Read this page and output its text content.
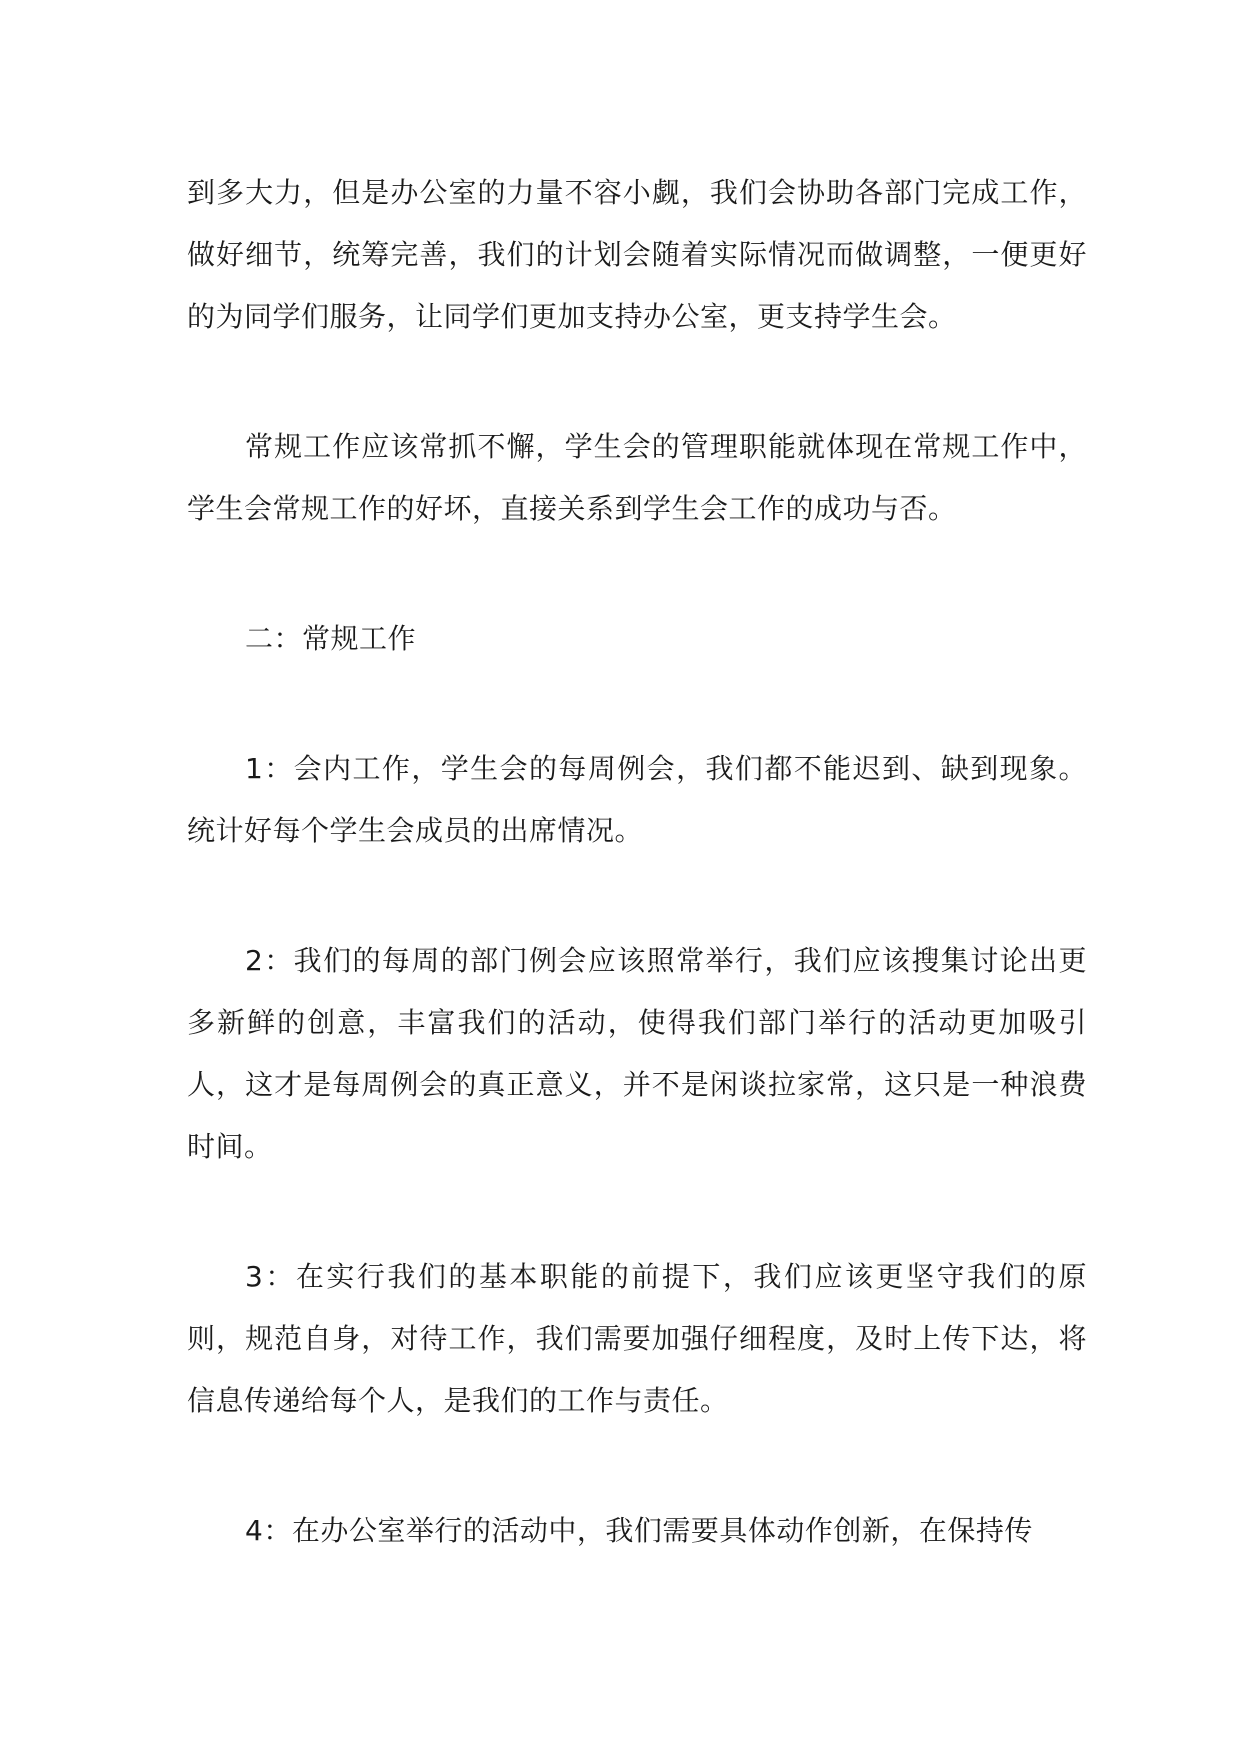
到多大力，但是办公室的力量不容小觑，我们会协助各部门完成工作，做好细节，统筹完善，我们的计划会随着实际情况而做调整，一便更好的为同学们服务，让同学们更加支持办公室，更支持学生会。

常规工作应该常抓不懈，学生会的管理职能就体现在常规工作中，学生会常规工作的好坏，直接关系到学生会工作的成功与否。

二：常规工作

1：会内工作，学生会的每周例会，我们都不能迟到、缺到现象。统计好每个学生会成员的出席情况。

2：我们的每周的部门例会应该照常举行，我们应该搜集讨论出更多新鲜的创意，丰富我们的活动，使得我们部门举行的活动更加吸引人，这才是每周例会的真正意义，并不是闲谈拉家常，这只是一种浪费时间。

3：在实行我们的基本职能的前提下，我们应该更坚守我们的原则，规范自身，对待工作，我们需要加强仔细程度，及时上传下达，将信息传递给每个人，是我们的工作与责任。

4：在办公室举行的活动中，我们需要具体动作创新，在保持传
